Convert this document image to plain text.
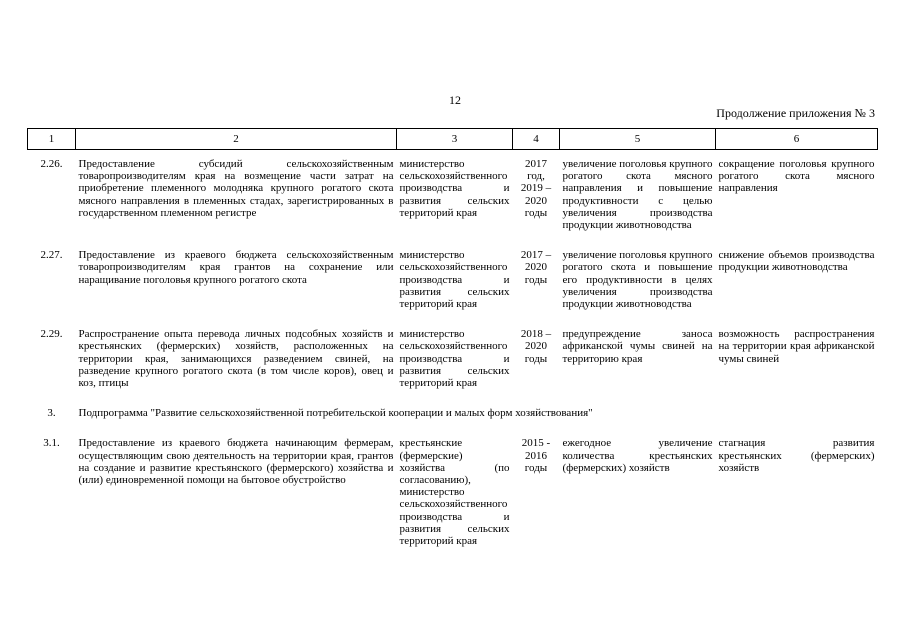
12
Продолжение приложения № 3
1	2	3	4	5	6
2.26.	Предоставление субсидий сельскохозяйственным товаропроизводителям края на возмещение части затрат на приобретение племенного молодняка крупного рогатого скота мясного направления в племенных стадах, зарегистрированных в государственном племенном регистре	министерство сельскохозяйственного производства и развития сельских территорий края	2017 год, 2019 – 2020 годы	увеличение поголовья крупного рогатого скота мясного направления и повышение продуктивности с целью увеличения производства продукции животноводства	сокращение поголовья крупного рогатого скота мясного направления
2.27.	Предоставление из краевого бюджета сельскохозяйственным товаропроизводителям края грантов на сохранение или наращивание поголовья крупного рогатого скота	министерство сельскохозяйственного производства и развития сельских территорий края	2017 – 2020 годы	увеличение поголовья крупного рогатого скота и повышение его продуктивности в целях увеличения производства продукции животноводства	снижение объемов производства продукции животноводства
2.29.	Распространение опыта перевода личных подсобных хозяйств и крестьянских (фермерских) хозяйств, расположенных на территории края, занимающихся разведением свиней, на разведение крупного рогатого скота (в том числе коров), овец и коз, птицы	министерство сельскохозяйственного производства и развития сельских территорий края	2018 – 2020 годы	предупреждение заноса африканской чумы свиней на территорию края	возможность распространения на территории края африканской чумы свиней
3.	Подпрограмма "Развитие сельскохозяйственной потребительской кооперации и малых форм хозяйствования"				
3.1.	Предоставление из краевого бюджета начинающим фермерам, осуществляющим свою деятельность на территории края, грантов на создание и развитие крестьянского (фермерского) хозяйства и (или) единовременной помощи на бытовое обустройство	крестьянские (фермерские) хозяйства (по согласованию), министерство сельскохозяйственного производства и развития сельских территорий края	2015 - 2016 годы	ежегодное увеличение количества крестьянских (фермерских) хозяйств	стагнация развития крестьянских (фермерских) хозяйств
